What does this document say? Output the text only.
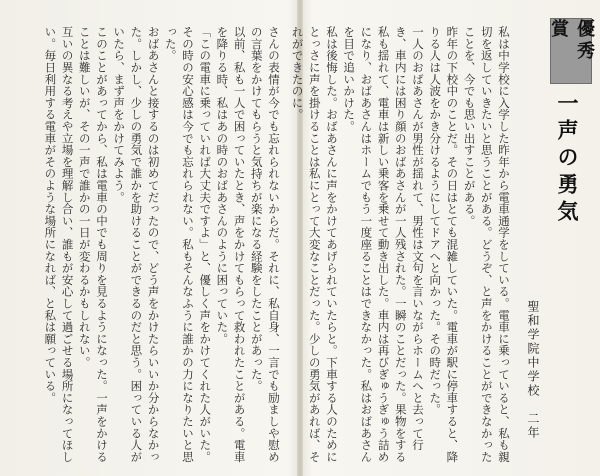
さんの表情が今でも忘れられないからだ。それに、私自身、一言でも励ましや慰めの言葉をかけてもらうと気持ちが楽になる経験をしたことがあった。
以前、私も一人で困っていたとき、声をかけてもらって救われたことがある。電車を降りる時、私はあの時のおばあさんのように困っていた。
「この電車に乗っていれば大丈夫ですよ」と、優しく声をかけてくれた人がいた。その時の安心感は今でも忘れられない。私もそんなふうに誰かの力になりたいと思った。
おばあさんと接するのは初めてだったので、どう声をかけたらいいか分からなかった。しかし、少しの勇気で誰かを助けることができるのだと思う。困っている人がいたら、まず声をかけてみよう。
このことがあってから、私は電車の中でも周りを見るようになった。一声をかけることは難しいが、その一声で誰かの一日が変わるかもしれない。
互いの異なる考えや立場を理解し合い、誰もが安心して過ごせる場所になってほしい。毎日利用する電車がそのような場所になれば、と私は願っている。	優秀賞
一声の勇気
聖和学院中学校　二年

私は中学校に入学した昨年から電車通学をしている。電車に乗っていると、私も親切を返していきたいと思うことがある。どうぞ、と声をかけることができなかったことを、今でも思い出すことがある。
昨年の下校中のことだ。その日はとても混雑していた。電車が駅に停車すると、降りる人は人波をかき分けるようにしてドアへと向かった。その時だった。
一人のおばあさんが男性が揺れて、男性は文句を言いながらホームへと去って行き、車内には困り顔のおばあさんが一人残された。一瞬のことだった。果物をする私も揺れて、電車は新しい乗客を乗せて動き出した。車内は再びぎゅうぎゅう詰めになり、おばあさんはホームでもう一度座ることはできなかった。私はおばあさんを目で追いかけた。
私は後悔した。おばあさんに声をかけてあげられていたらと。下車する人のためにとっさに声を掛けることは私にとって大変なことだった。少しの勇気があれば、それができたのに。
